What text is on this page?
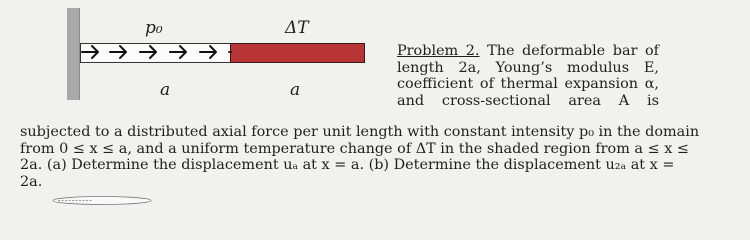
p₀	ΔT
a	a
Problem 2. The deformable bar of
length 2a, Young’s modulus E,
coefficient of thermal expansion α,
and cross-sectional area A is
subjected to a distributed axial force per unit length with constant intensity p₀ in the domain
from 0 ≤ x ≤ a, and a uniform temperature change of ΔT in the shaded region from a ≤ x ≤
2a. (a) Determine the displacement uₐ at x = a. (b) Determine the displacement u₂ₐ at x =
2a.
